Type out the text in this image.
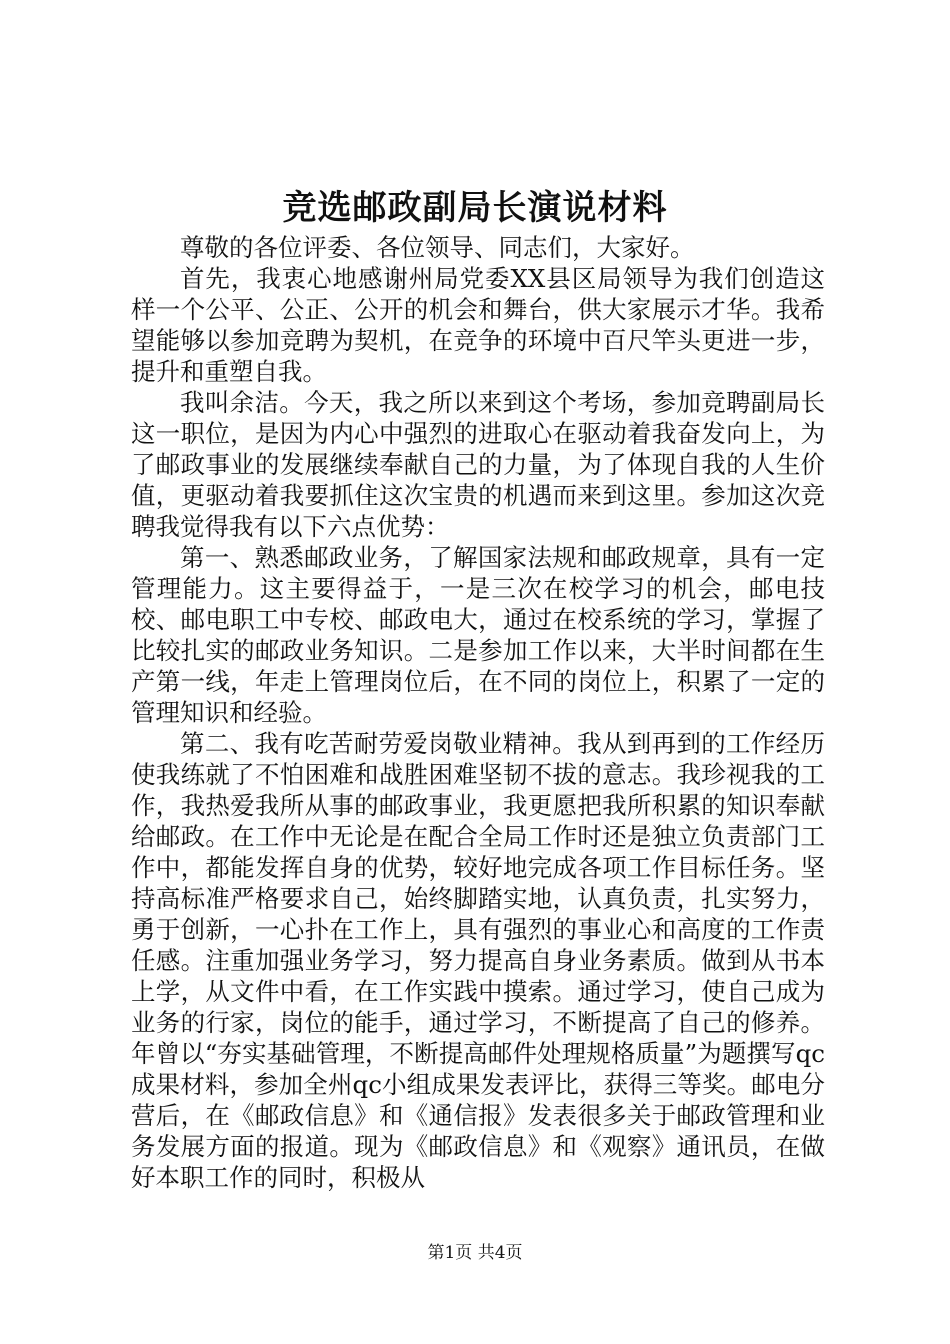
竞选邮政副局长演说材料

尊敬的各位评委、各位领导、同志们，大家好。

首先，我衷心地感谢州局党委XX县区局领导为我们创造这样一个公平、公正、公开的机会和舞台，供大家展示才华。我希望能够以参加竞聘为契机，在竞争的环境中百尺竿头更进一步，提升和重塑自我。

我叫余洁。今天，我之所以来到这个考场，参加竞聘副局长这一职位，是因为内心中强烈的进取心在驱动着我奋发向上，为了邮政事业的发展继续奉献自己的力量，为了体现自我的人生价值，更驱动着我要抓住这次宝贵的机遇而来到这里。参加这次竞聘我觉得我有以下六点优势：

第一、熟悉邮政业务，了解国家法规和邮政规章，具有一定管理能力。这主要得益于，一是三次在校学习的机会，邮电技校、邮电职工中专校、邮政电大，通过在校系统的学习，掌握了比较扎实的邮政业务知识。二是参加工作以来，大半时间都在生产第一线，年走上管理岗位后，在不同的岗位上，积累了一定的管理知识和经验。

第二、我有吃苦耐劳爱岗敬业精神。我从到再到的工作经历使我练就了不怕困难和战胜困难坚韧不拔的意志。我珍视我的工作，我热爱我所从事的邮政事业，我更愿把我所积累的知识奉献给邮政。在工作中无论是在配合全局工作时还是独立负责部门工作中，都能发挥自身的优势，较好地完成各项工作目标任务。坚持高标准严格要求自己，始终脚踏实地，认真负责，扎实努力，勇于创新，一心扑在工作上，具有强烈的事业心和高度的工作责任感。注重加强业务学习，努力提高自身业务素质。做到从书本上学，从文件中看，在工作实践中摸索。通过学习，使自己成为业务的行家，岗位的能手，通过学习，不断提高了自己的修养。年曾以“夯实基础管理，不断提高邮件处理规格质量”为题撰写qc成果材料，参加全州qc小组成果发表评比，获得三等奖。邮电分营后，在《邮政信息》和《通信报》发表很多关于邮政管理和业务发展方面的报道。现为《邮政信息》和《观察》通讯员，在做好本职工作的同时，积极从

第1页 共4页
